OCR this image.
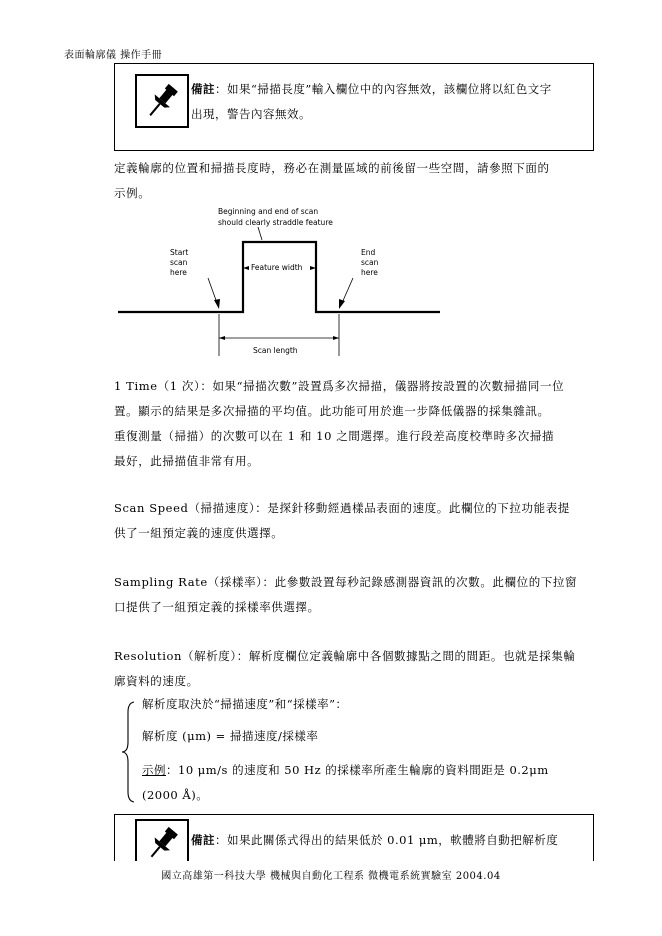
表面輪廓儀 操作手冊
備註：如果“掃描長度”輸入欄位中的內容無效，該欄位將以紅色文字
出現，警告內容無效。
定義輪廓的位置和掃描長度時，務必在測量區域的前後留一些空間，請參照下面的
示例。
Beginning and end of scan
should clearly straddle feature
Feature width
Start
scan
here
End
scan
here
Scan length
1 Time（1 次）：如果“掃描次數”設置爲多次掃描，儀器將按設置的次數掃描同一位
置。顯示的結果是多次掃描的平均值。此功能可用於進一步降低儀器的採集雜訊。
重復測量（掃描）的次數可以在 1 和 10 之間選擇。進行段差高度校準時多次掃描
最好，此掃描值非常有用。
Scan Speed（掃描速度）：是探針移動經過樣品表面的速度。此欄位的下拉功能表提
供了一組預定義的速度供選擇。
Sampling Rate（採樣率）：此參數設置每秒記錄感測器資訊的次數。此欄位的下拉窗
口提供了一組預定義的採樣率供選擇。
Resolution（解析度）：解析度欄位定義輪廓中各個數據點之間的間距。也就是採集輪
廓資料的速度。
解析度取決於“掃描速度”和“採樣率”：
解析度 (μm) = 掃描速度/採樣率
示例：10 μm/s 的速度和 50 Hz 的採樣率所產生輪廓的資料間距是 0.2μm
(2000 Å)。
備註：如果此關係式得出的結果低於 0.01 μm，軟體將自動把解析度
國立高雄第一科技大學 機械與自動化工程系 微機電系統實驗室 2004.04
